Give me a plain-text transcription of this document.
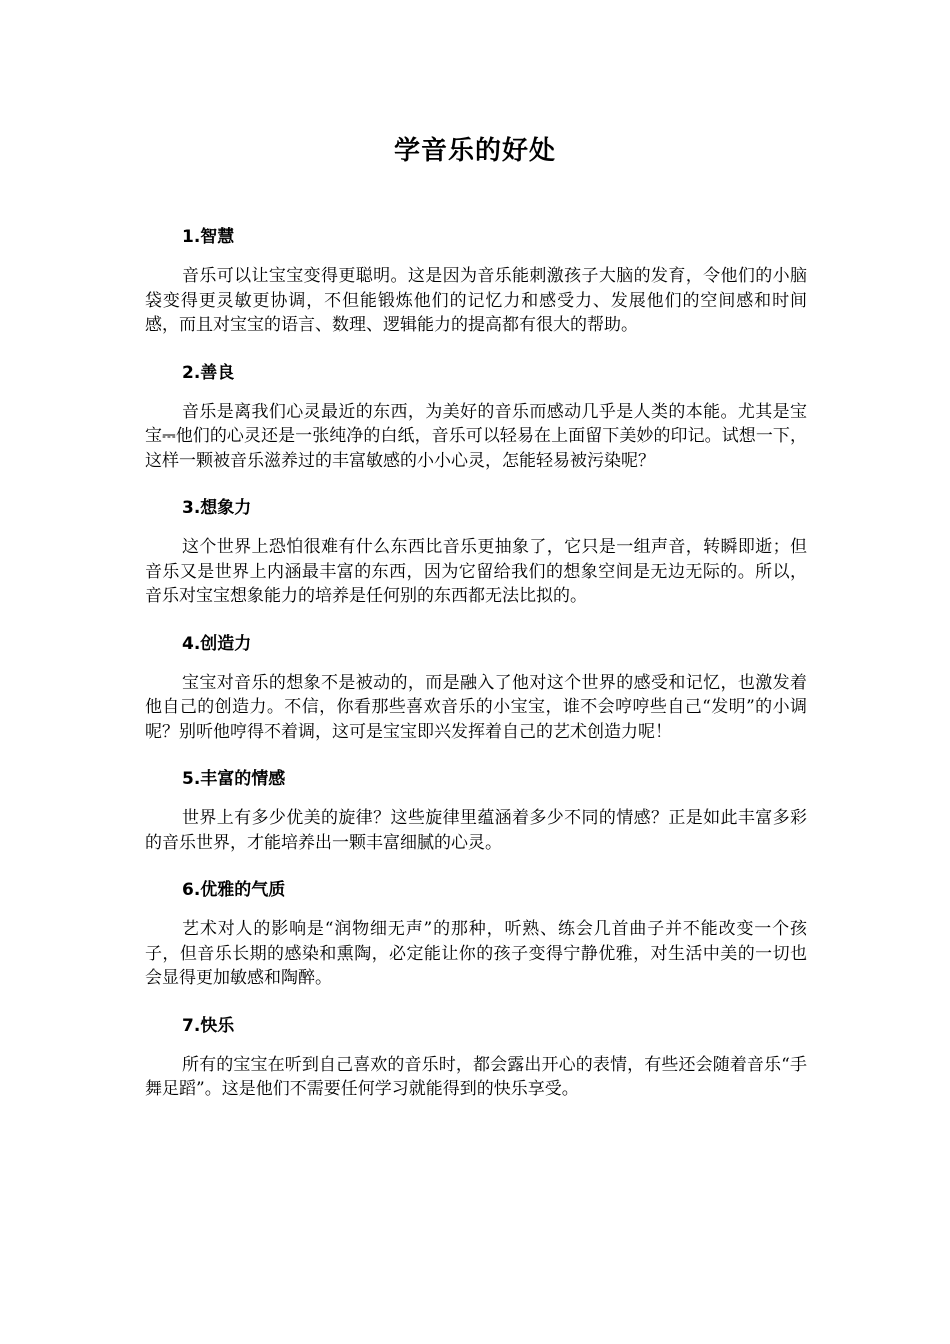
学音乐的好处
1.智慧

音乐可以让宝宝变得更聪明。这是因为音乐能刺激孩子大脑的发育，令他们的小脑袋变得更灵敏更协调，不但能锻炼他们的记忆力和感受力、发展他们的空间感和时间感，而且对宝宝的语言、数理、逻辑能力的提高都有很大的帮助。

2.善良

音乐是离我们心灵最近的东西，为美好的音乐而感动几乎是人类的本能。尤其是宝宝⎓他们的心灵还是一张纯净的白纸，音乐可以轻易在上面留下美妙的印记。试想一下，这样一颗被音乐滋养过的丰富敏感的小小心灵，怎能轻易被污染呢？

3.想象力

这个世界上恐怕很难有什么东西比音乐更抽象了，它只是一组声音，转瞬即逝；但音乐又是世界上内涵最丰富的东西，因为它留给我们的想象空间是无边无际的。所以，音乐对宝宝想象能力的培养是任何别的东西都无法比拟的。

4.创造力

宝宝对音乐的想象不是被动的，而是融入了他对这个世界的感受和记忆，也激发着他自己的创造力。不信，你看那些喜欢音乐的小宝宝，谁不会哼哼些自己“发明”的小调呢？别听他哼得不着调，这可是宝宝即兴发挥着自己的艺术创造力呢！

5.丰富的情感

世界上有多少优美的旋律？这些旋律里蕴涵着多少不同的情感？正是如此丰富多彩的音乐世界，才能培养出一颗丰富细腻的心灵。

6.优雅的气质

艺术对人的影响是“润物细无声”的那种，听熟、练会几首曲子并不能改变一个孩子，但音乐长期的感染和熏陶，必定能让你的孩子变得宁静优雅，对生活中美的一切也会显得更加敏感和陶醉。

7.快乐

所有的宝宝在听到自己喜欢的音乐时，都会露出开心的表情，有些还会随着音乐“手舞足蹈”。这是他们不需要任何学习就能得到的快乐享受。
